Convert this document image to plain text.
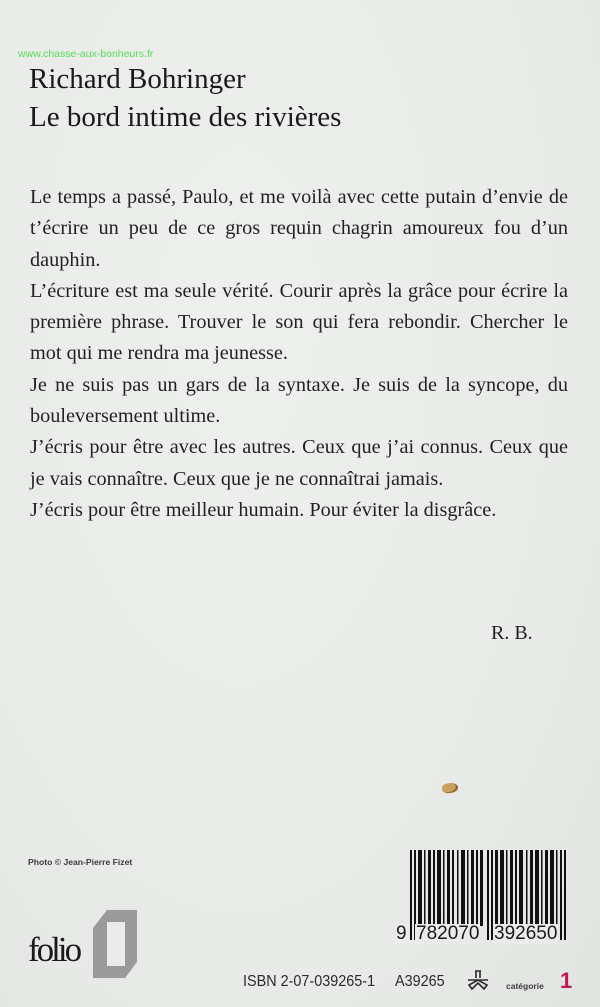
www.chasse-aux-bonheurs.fr
Richard Bohringer
Le bord intime des rivières

Le temps a passé, Paulo, et me voilà avec cette putain d’envie de t’écrire un peu de ce gros requin chagrin amoureux fou d’un dauphin.

L’écriture est ma seule vérité. Courir après la grâce pour écrire la première phrase. Trouver le son qui fera rebondir. Chercher le mot qui me rendra ma jeunesse.

Je ne suis pas un gars de la syntaxe. Je suis de la syncope, du bouleversement ultime.

J’écris pour être avec les autres. Ceux que j’ai connus. Ceux que je vais connaître. Ceux que je ne connaîtrai jamais.

J’écris pour être meilleur humain. Pour éviter la disgrâce.

R. B.
Photo © Jean-Pierre Fizet
folio	9 782070 392650
ISBN 2-07-039265-1 A39265	catégorie 1
